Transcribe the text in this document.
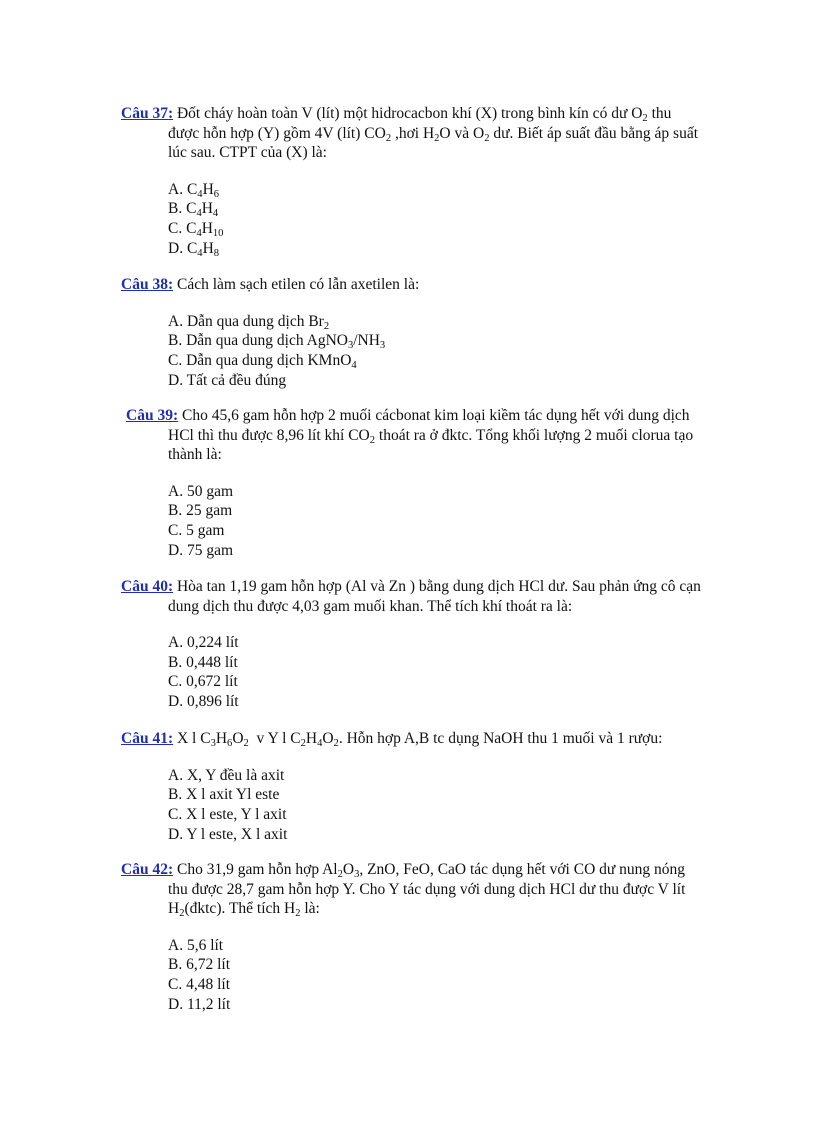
Câu 37: Đốt cháy hoàn toàn V (lít) một hidrocacbon khí (X) trong bình kín có dư $O_2$ thu được hỗn hợp (Y) gồm 4V (lít) $CO_2$ ,hơi $H_2O$ và $O_2$ dư. Biết áp suất đầu bằng áp suất lúc sau. CTPT của (X) là:
A. $C_4H_6$
B. $C_4H_4$
C. $C_4H_{10}$
D. $C_4H_8$
Câu 38: Cách làm sạch etilen có lẫn axetilen là:
A. Dẫn qua dung dịch $Br_2$
B. Dẫn qua dung dịch $AgNO_3/NH_3$
C. Dẫn qua dung dịch KMnO$_4$
D. Tất cả đều đúng
Câu 39: Cho 45,6 gam hỗn hợp 2 muối cácbonat kim loại kiềm tác dụng hết với dung dịch HCl thì thu được 8,96 lít khí $CO_2$ thoát ra ở đktc. Tổng khối lượng 2 muối clorua tạo thành là:
A. 50 gam
B. 25 gam
C. 5 gam
D. 75 gam
Câu 40: Hòa tan 1,19 gam hỗn hợp (Al và Zn ) bằng dung dịch HCl dư. Sau phản ứng cô cạn dung dịch thu được 4,03 gam muối khan. Thể tích khí thoát ra là:
A. 0,224 lít
B. 0,448 lít
C. 0,672 lít
D. 0,896 lít
Câu 41: X l $C_3H_6O_2$  v Y l $C_2H_4O_2$. Hỗn hợp A,B tc dụng NaOH thu 1 muối và 1 rượu:
A. X, Y đều là axit
B. X l axit Yl este
C. X l este, Y l axit
D. Y l este, X l axit
Câu 42: Cho 31,9 gam hỗn hợp $Al_2O_3$, ZnO, FeO, CaO tác dụng hết với CO dư nung nóng thu được 28,7 gam hỗn hợp Y. Cho Y tác dụng với dung dịch HCl dư thu được V lít $H_2(đktc)$. Thể tích $H_2$ là:
A. 5,6 lít
B. 6,72 lít
C. 4,48 lít
D. 11,2 lít
